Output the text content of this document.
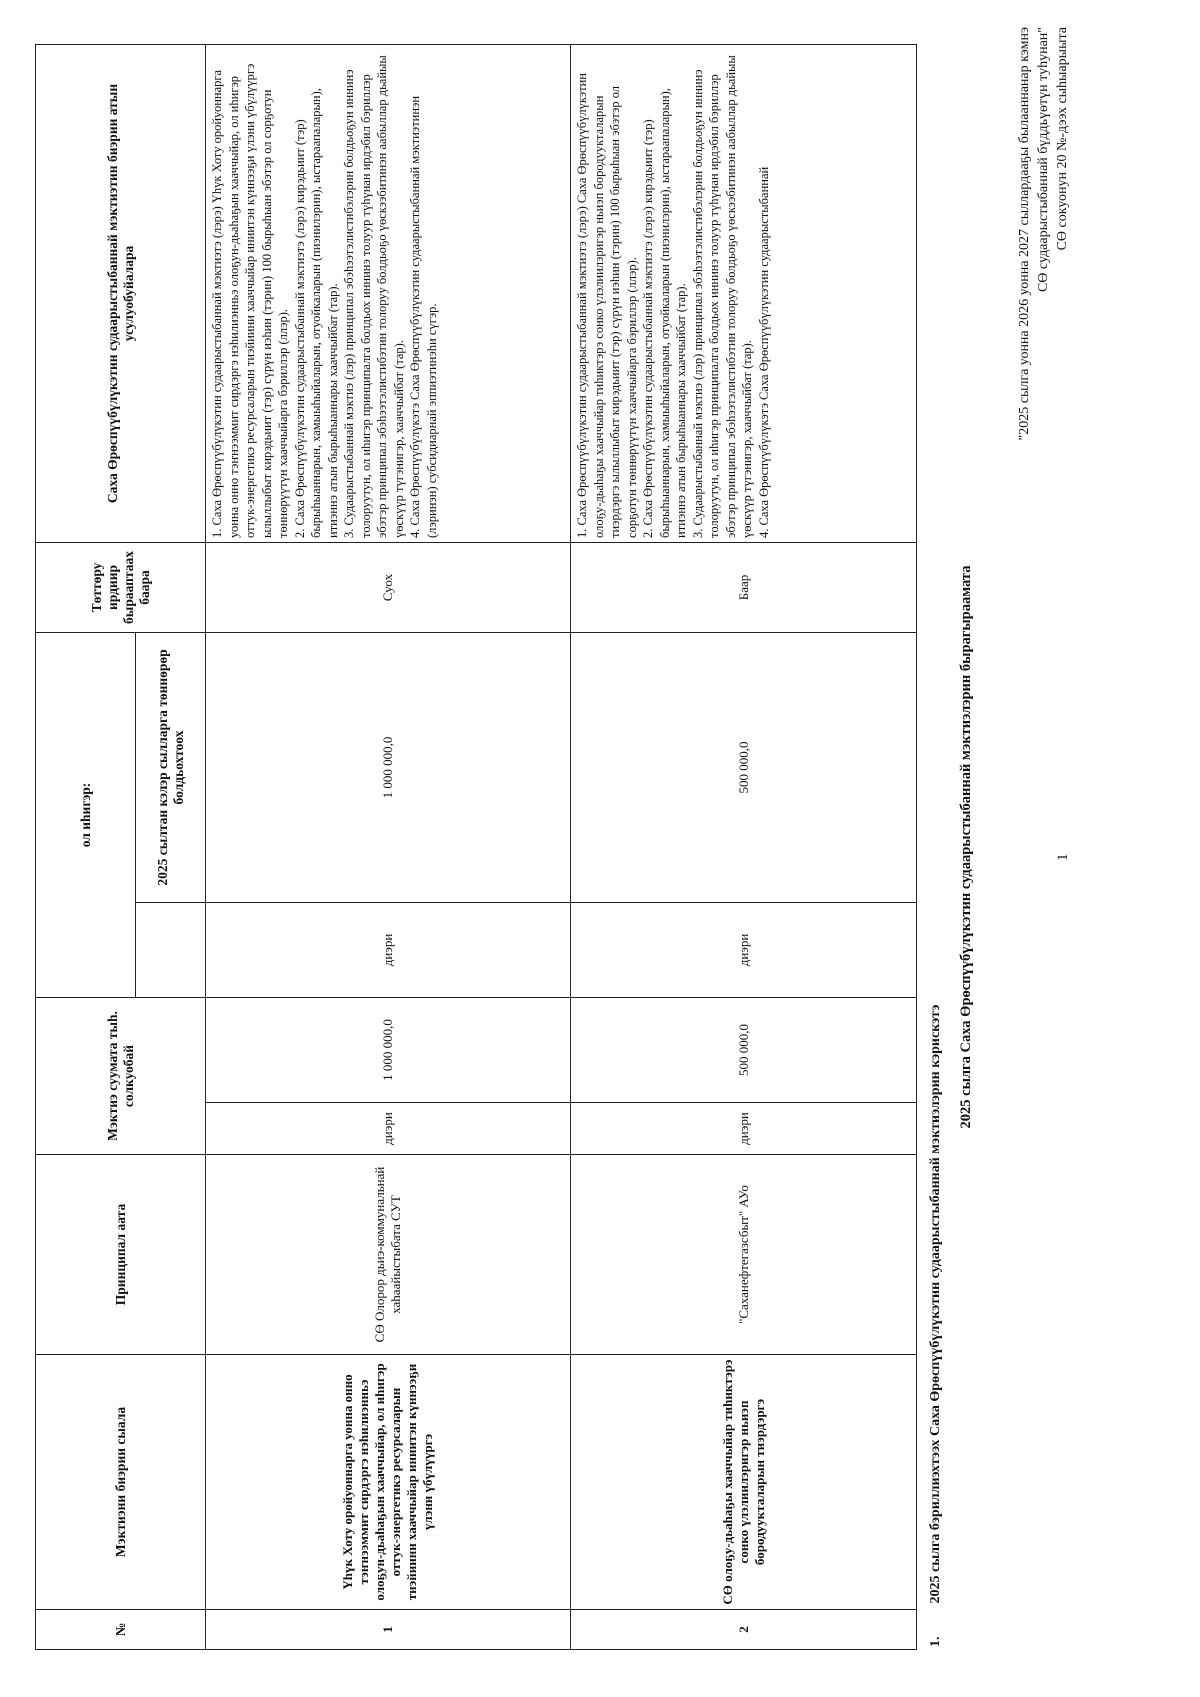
1
"2025 сылга уонна 2026 уонна 2027 сыллардааҕы былааннанар кэмнэ СӨ судаарыстыбаннай бүддьүөтүн туһунан" СӨ сокуонун 20 №-дээх сыһыарыыта
2025 сылга Саха Өрөспүүбүлүкэтин судаарыстыбаннай мэктиэлэрин бырагыраамата
1.  2025 сылга бэриллиэхтээх Саха Өрөспүүбүлүкэтин судаарыстыбаннай мэктиэлэрин кэрискэтэ
№	Мэктиэни биэрии сыала	Принципал аата	Мэктиэ суумата тыһ. солкуобай		ол иһигэр:		Төттөру ирдиир бырааптаах баара	Саха Өрөспүүбүлүкэтин судаарыстыбаннай мэктиэтин биэрии атын усулуобуйалара
						2025 сылтан кэлэр сылларга төннөрөр болдьохтоох		
1	Үһүк Хоту оройуоннарга уонна онно тэҥнээммит сирдэргэ нэһилиэнньэ олоҕун-дьаһаҕын хааччыйар, ол иһигэр оттук-энергетикэ ресурсаларын тиэйиини хааччыйар иниитэн күннээҕи үлэни үбүлүүргэ	СӨ Олорор дьиэ-коммунальнай хаһаайыстыбата СУТ	диэри	1 000 000,0	диэри	1 000 000,0	Суох	1. Саха Өрөспүүбүлүкэтин судаарыстыбаннай мэктиэтэ (лэрэ) Үһүк Хоту оройуоннарга уонна онно тэҥнээммит сирдэргэ нэһилиэнньэ олоҕун-дьаһаҕын хааччыйар, ол иһигэр оттук-энергетикэ ресурсаларын тиэйиини хааччыйар иниитэн күннээҕи үлэни үбүлүүргэ ылыллыбыт кирэдьиит (тэр) сүрүн иэһин (тэрин) 100 бырыһыан эбэтэр ол сорҕотун төннөрүүтүн хааччыйарга бэриллэр (ллэр).
2. Саха Өрөспүүбүлүкэтин судаарыстыбаннай мэктиэтэ (лэрэ) кирэдьиит (тэр) бырыһыаннарын, хамыыһыйаларын, отуойкаларын (пиэнилэрин), ыстараапаларын), итиэннэ атын бырыһыаннары хааччыйбат (тар).
3. Судаарыстыбаннай мэктиэ (лэр) принципал эбэһээтэлистибэлэрин болдьоҕун иннинэ толоруутун, ол иһигэр принципалга болдьох иннинэ толуур түһүнан ирдэбил бэриллэр эбэтэр принципал эбэһээтэлистибэтин толоруу болдьоҕо үөскээбитинэн аабыллар дьайыы үөскүүр түгэнигэр, хааччыйбат (тар).
4. Саха Өрөспүүбүлүкэтэ Саха Өрөспүүбүлүкэтин судаарыстыбаннай мэктиэтинэн (лэринэн) субсидиарнай эппиэтинэһи сүгэр.

2	СӨ олоҕу-дьаһаҕы хааччыйар тиһиктэрэ сонко үлэлиилэригэр ньиэп бородуукталарын тиэрдэргэ	"Саханефтегазсбыт" АУо	диэри	500 000,0	диэри	500 000,0	Баар	1. Саха Өрөспүүбүлүкэтин судаарыстыбаннай мэктиэтэ (лэрэ) Саха Өрөспүүбүлүкэтин олоҕу-дьаһаҕы хааччыйар тиһиктэрэ сонко үлэлиилэригэр ньиэп бородуукталарын тиэрдэргэ ылыллыбыт кирэдьиит (тэр) сүрүн иэһин (тэрин) 100 бырыһыан эбэтэр ол сорҕотун төннөрүүтүн хааччыйарга бэриллэр (ллэр).
2. Саха Өрөспүүбүлүкэтин судаарыстыбаннай мэктиэтэ (лэрэ) кирэдьиит (тэр) бырыһыаннарын, хамыыһыйаларын, отуойкаларын (пиэнилэрин), ыстараапаларын), итиэннэ атын бырыһыаннары хааччыйбат (тар).
3. Судаарыстыбаннай мэктиэ (лэр) принципал эбэһээтэлистибэлэрин болдьоҕун иннинэ толоруутун, ол иһигэр принципалга болдьох иннинэ толуур түһүнан ирдэбил бэриллэр эбэтэр принципал эбэһээтэлистибэтин толоруу болдьоҕо үөскээбитинэн аабыллар дьайыы үөскүүр түгэнигэр, хааччыйбат (тар).
4. Саха Өрөспүүбүлүкэтэ Саха Өрөспүүбүлүкэтин судаарыстыбаннай
